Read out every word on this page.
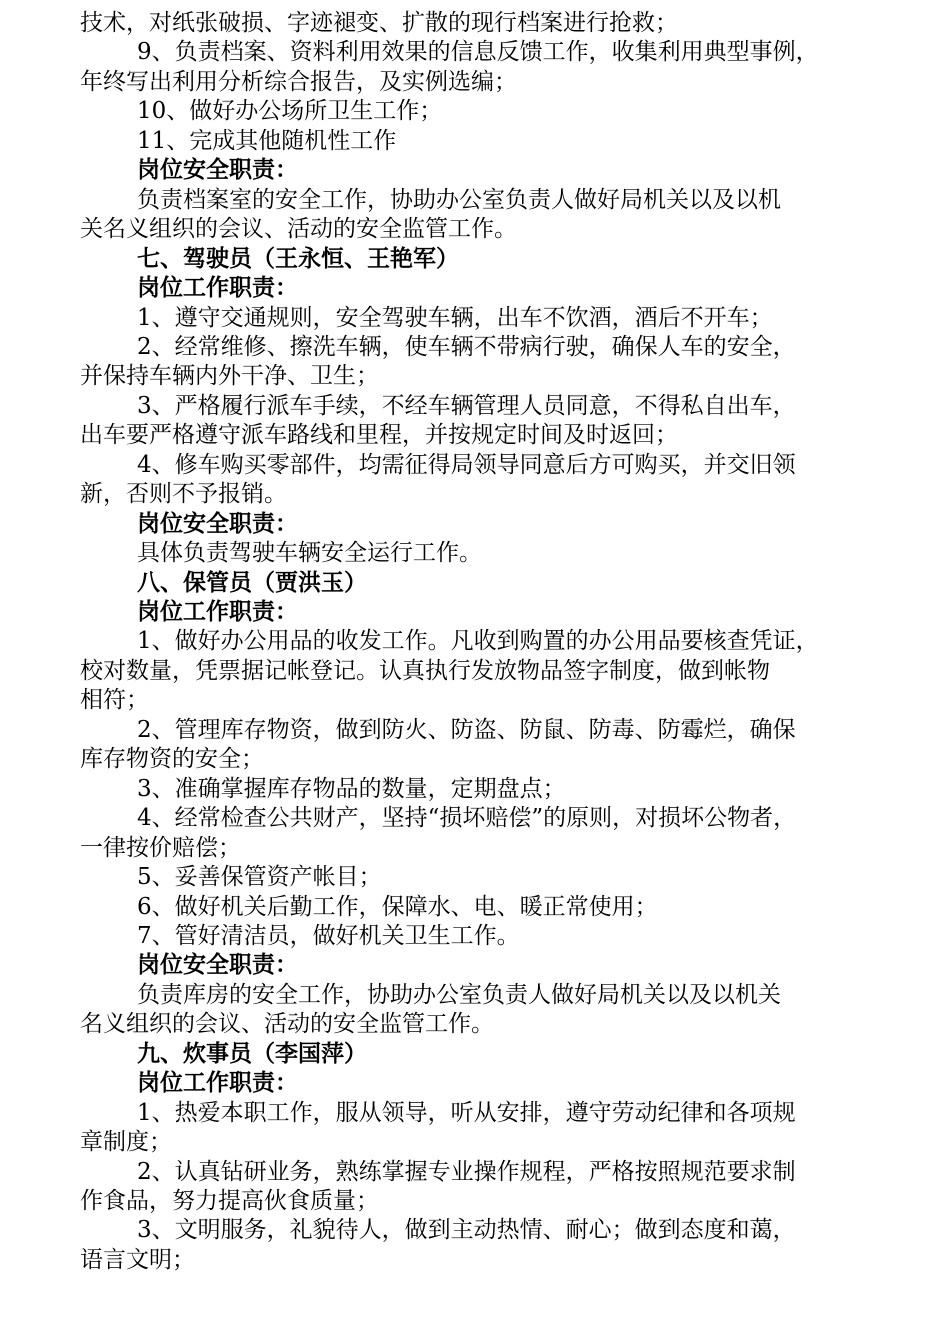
技术，对纸张破损、字迹褪变、扩散的现行档案进行抢救；
9、负责档案、资料利用效果的信息反馈工作，收集利用典型事例，
年终写出利用分析综合报告，及实例选编；
10、做好办公场所卫生工作；
11、完成其他随机性工作
岗位安全职责：
负责档案室的安全工作，协助办公室负责人做好局机关以及以机
关名义组织的会议、活动的安全监管工作。
七、驾驶员（王永恒、王艳军）
岗位工作职责：
1、遵守交通规则，安全驾驶车辆，出车不饮酒，酒后不开车；
2、经常维修、擦洗车辆，使车辆不带病行驶，确保人车的安全，
并保持车辆内外干净、卫生；
3、严格履行派车手续，不经车辆管理人员同意，不得私自出车，
出车要严格遵守派车路线和里程，并按规定时间及时返回；
4、修车购买零部件，均需征得局领导同意后方可购买，并交旧领
新，否则不予报销。
岗位安全职责：
具体负责驾驶车辆安全运行工作。
八、保管员（贾洪玉）
岗位工作职责：
1、做好办公用品的收发工作。凡收到购置的办公用品要核查凭证，
校对数量，凭票据记帐登记。认真执行发放物品签字制度，做到帐物
相符；
2、管理库存物资，做到防火、防盗、防鼠、防毒、防霉烂，确保
库存物资的安全；
3、准确掌握库存物品的数量，定期盘点；
4、经常检查公共财产，坚持“损坏赔偿”的原则，对损坏公物者，
一律按价赔偿；
5、妥善保管资产帐目；
6、做好机关后勤工作，保障水、电、暖正常使用；
7、管好清洁员，做好机关卫生工作。
岗位安全职责：
负责库房的安全工作，协助办公室负责人做好局机关以及以机关
名义组织的会议、活动的安全监管工作。
九、炊事员（李国萍）
岗位工作职责：
1、热爱本职工作，服从领导，听从安排，遵守劳动纪律和各项规
章制度；
2、认真钻研业务，熟练掌握专业操作规程，严格按照规范要求制
作食品，努力提高伙食质量；
3、文明服务，礼貌待人，做到主动热情、耐心；做到态度和蔼，
语言文明；
